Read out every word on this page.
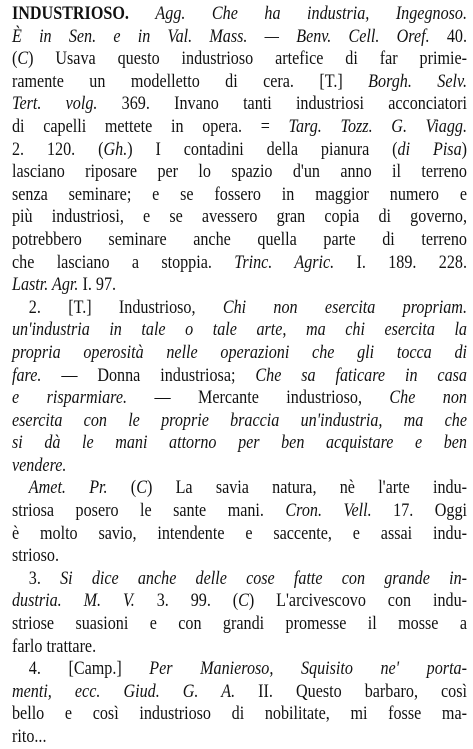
INDUSTRIOSO. Agg. Che ha industria, Ingegnoso.
È in Sen. e in Val. Mass. — Benv. Cell. Oref. 40.
(C) Usava questo industrioso artefice di far primie-
ramente un modelletto di cera. [T.] Borgh. Selv.
Tert. volg. 369. Invano tanti industriosi acconciatori
di capelli mettete in opera. = Targ. Tozz. G. Viagg.
2. 120. (Gh.) I contadini della pianura (di Pisa)
lasciano riposare per lo spazio d'un anno il terreno
senza seminare; e se fossero in maggior numero e
più industriosi, e se avessero gran copia di governo,
potrebbero seminare anche quella parte di terreno
che lasciano a stoppia. Trinc. Agric. I. 189. 228.
Lastr. Agr. I. 97.
2. [T.] Industrioso, Chi non esercita propriam.
un'industria in tale o tale arte, ma chi esercita la
propria operosità nelle operazioni che gli tocca di
fare. — Donna industriosa; Che sa faticare in casa
e risparmiare. — Mercante industrioso, Che non
esercita con le proprie braccia un'industria, ma che
si dà le mani attorno per ben acquistare e ben
vendere.
Amet. Pr. (C) La savia natura, nè l'arte indu-
striosa posero le sante mani. Cron. Vell. 17. Oggi
è molto savio, intendente e saccente, e assai indu-
strioso.
3. Si dice anche delle cose fatte con grande in-
dustria. M. V. 3. 99. (C) L'arcivescovo con indu-
striose suasioni e con grandi promesse il mosse a
farlo trattare.
4. [Camp.] Per Manieroso, Squisito ne' porta-
menti, ecc. Giud. G. A. II. Questo barbaro, così
bello e così industrioso di nobilitate, mi fosse ma-
rito...
